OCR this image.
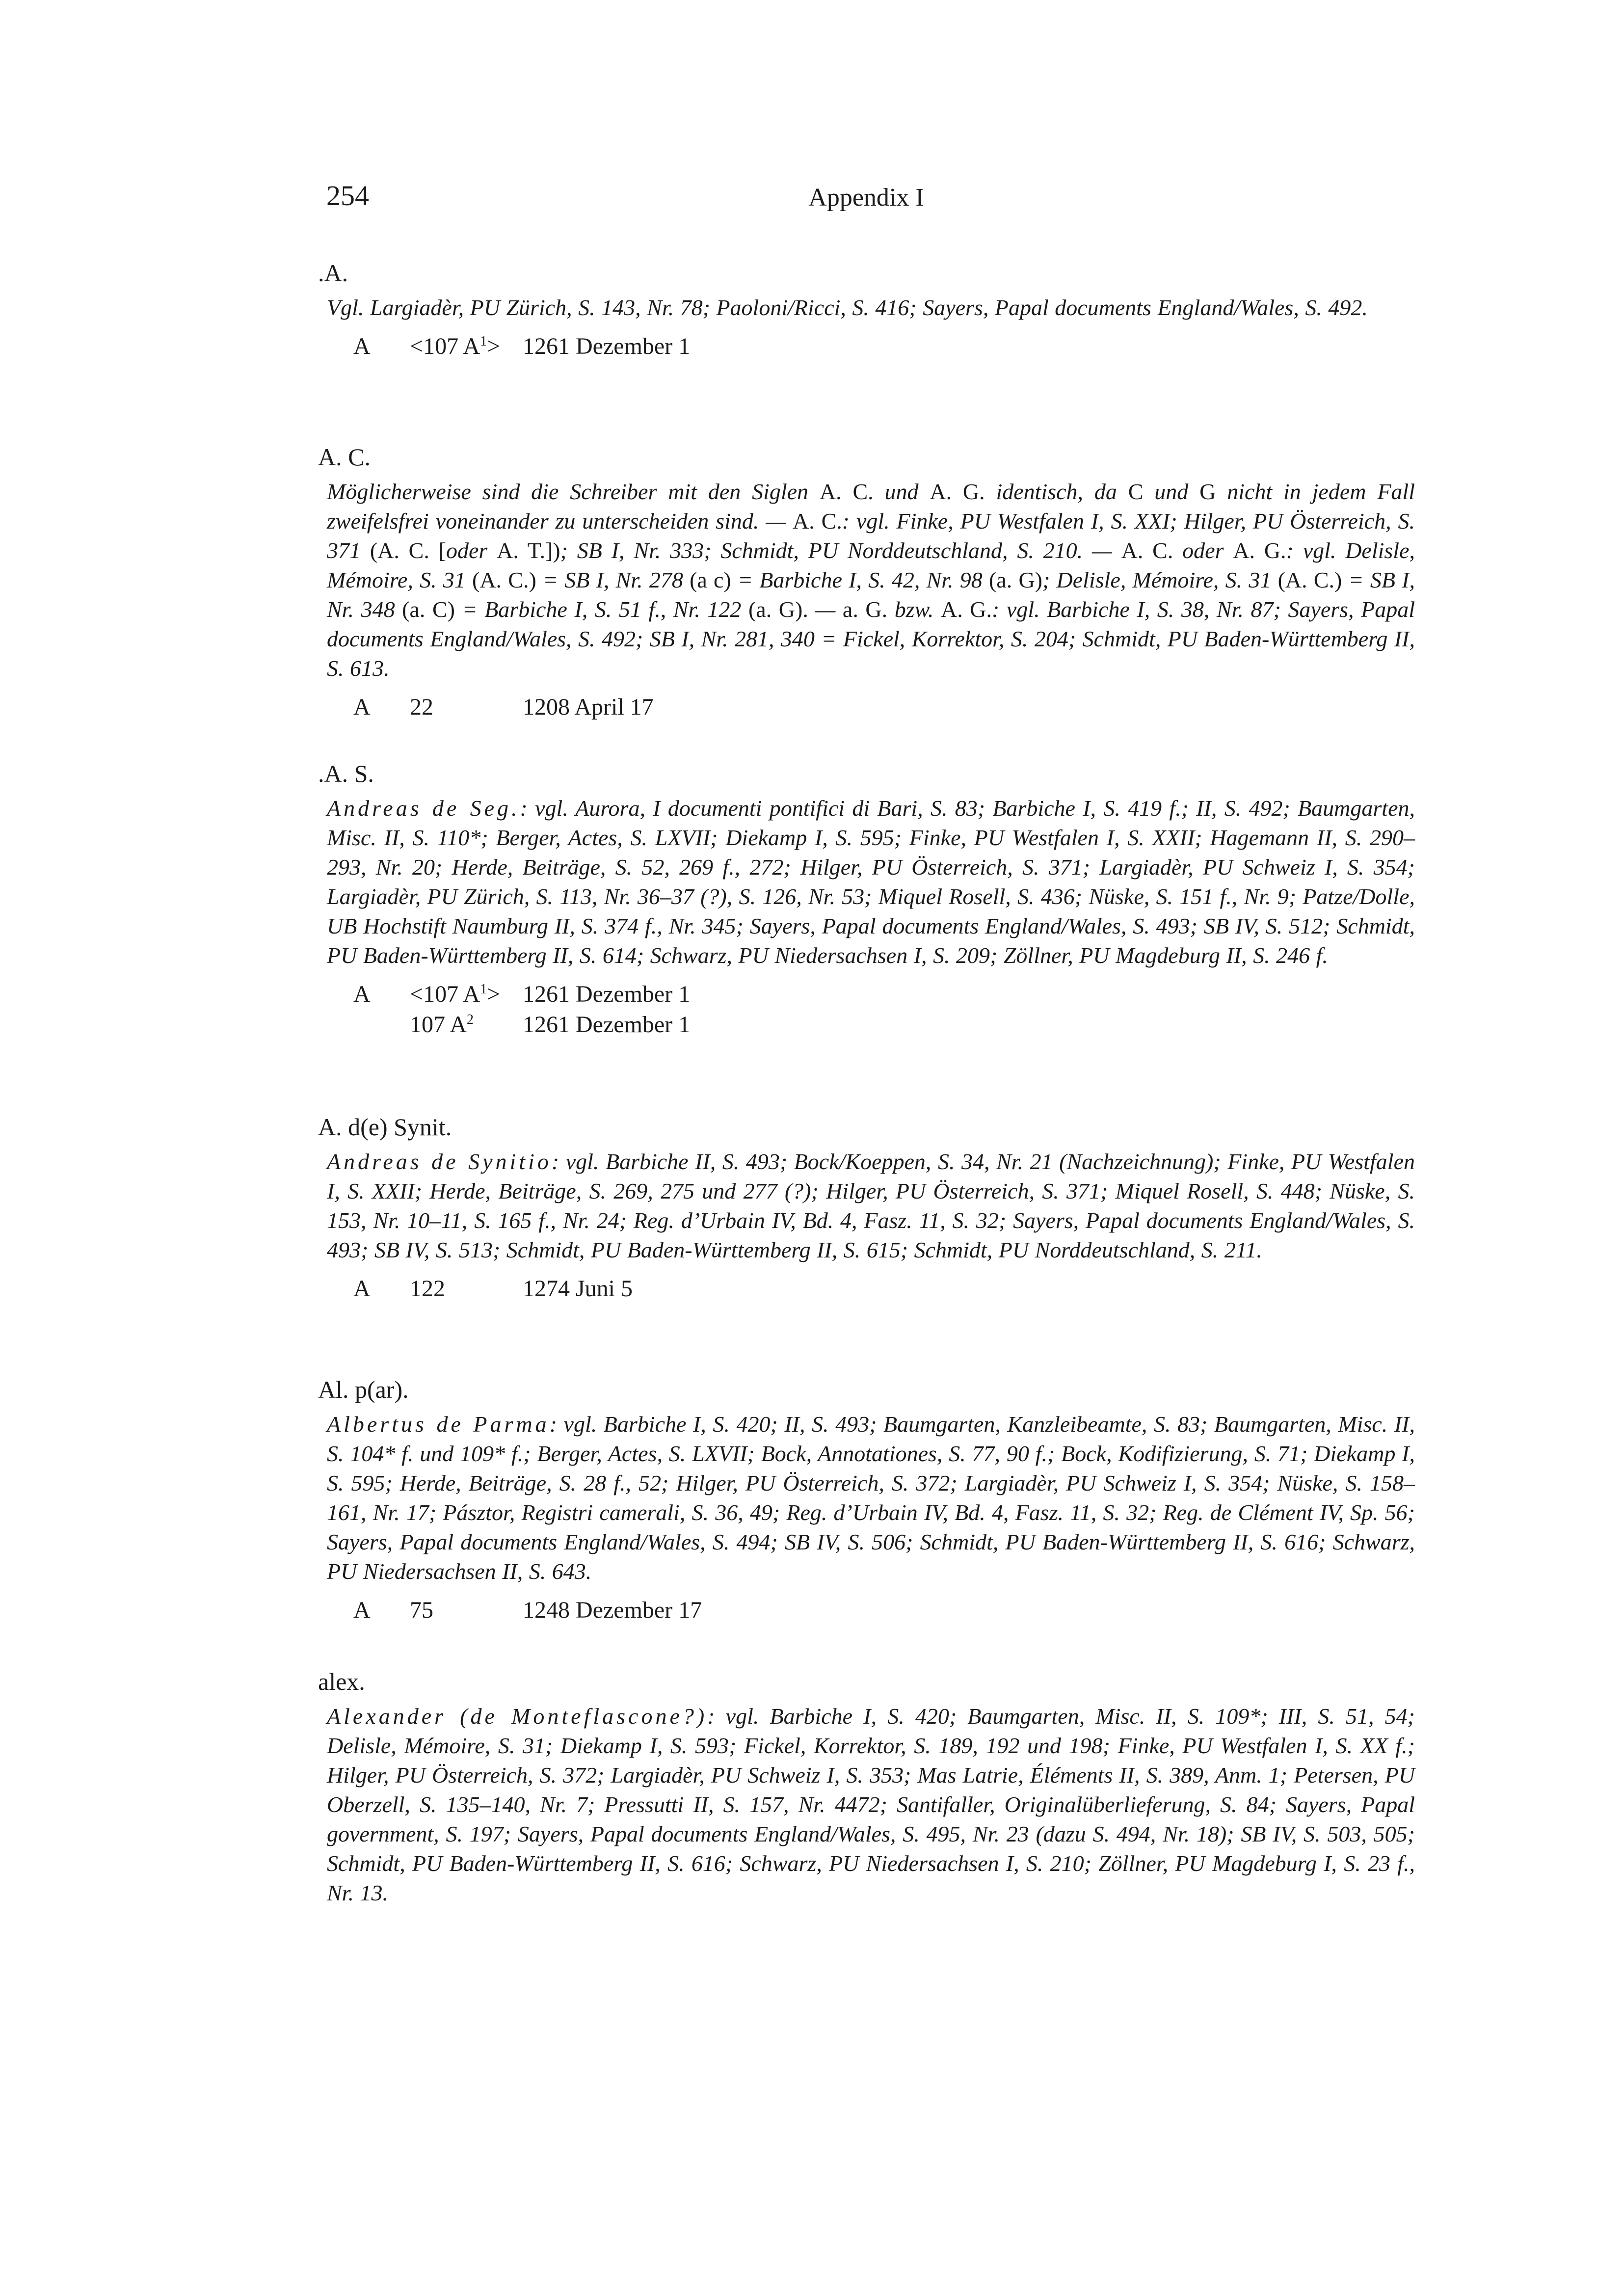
254	Appendix I

.A.

Vgl. Largiadèr, PU Zürich, S. 143, Nr. 78; Paoloni/Ricci, S. 416; Sayers, Papal documents England/Wales, S. 492.

A	<107 $A^1>$	1261 Dezember 1

A. C.

Möglicherweise sind die Schreiber mit den Siglen A. C. und A. G. identisch, da C und G nicht in jedem Fall zweifelsfrei voneinander zu unterscheiden sind. — A. C.: vgl. Finke, PU Westfalen I, S. XXI; Hilger, PU Österreich, S. 371 (A. C. [oder A. T.]); SB I, Nr. 333; Schmidt, PU Norddeutschland, S. 210. — A. C. oder A. G.: vgl. Delisle, Mémoire, S. 31 (A. C.) = SB I, Nr. 278 (a c) = Barbiche I, S. 42, Nr. 98 (a. G); Delisle, Mémoire, S. 31 (A. C.) = SB I, Nr. 348 (a. C) = Barbiche I, S. 51 f., Nr. 122 (a. G). — a. G. bzw. A. G.: vgl. Barbiche I, S. 38, Nr. 87; Sayers, Papal documents England/Wales, S. 492; SB I, Nr. 281, 340 = Fickel, Korrektor, S. 204; Schmidt, PU Baden-Württemberg II, S. 613.

A	22	1208 April 17

.A. S.

Andreas de Seg.: vgl. Aurora, I documenti pontifici di Bari, S. 83; Barbiche I, S. 419 f.; II, S. 492; Baumgarten, Misc. II, S. 110*; Berger, Actes, S. LXVII; Diekamp I, S. 595; Finke, PU Westfalen I, S. XXII; Hagemann II, S. 290–293, Nr. 20; Herde, Beiträge, S. 52, 269 f., 272; Hilger, PU Österreich, S. 371; Largiadèr, PU Schweiz I, S. 354; Largiadèr, PU Zürich, S. 113, Nr. 36–37 (?), S. 126, Nr. 53; Miquel Rosell, S. 436; Nüske, S. 151 f., Nr. 9; Patze/Dolle, UB Hochstift Naumburg II, S. 374 f., Nr. 345; Sayers, Papal documents England/Wales, S. 493; SB IV, S. 512; Schmidt, PU Baden-Württemberg II, S. 614; Schwarz, PU Niedersachsen I, S. 209; Zöllner, PU Magdeburg II, S. 246 f.

A	<107 $A^1>$	1261 Dezember 1
	107 $A^2$	1261 Dezember 1

A. d(e) Synit.

Andreas de Synitio: vgl. Barbiche II, S. 493; Bock/Koeppen, S. 34, Nr. 21 (Nachzeichnung); Finke, PU Westfalen I, S. XXII; Herde, Beiträge, S. 269, 275 und 277 (?); Hilger, PU Österreich, S. 371; Miquel Rosell, S. 448; Nüske, S. 153, Nr. 10–11, S. 165 f., Nr. 24; Reg. d’Urbain IV, Bd. 4, Fasz. 11, S. 32; Sayers, Papal documents England/Wales, S. 493; SB IV, S. 513; Schmidt, PU Baden-Württemberg II, S. 615; Schmidt, PU Norddeutschland, S. 211.

A	122	1274 Juni 5

Al. p(ar).

Albertus de Parma: vgl. Barbiche I, S. 420; II, S. 493; Baumgarten, Kanzleibeamte, S. 83; Baumgarten, Misc. II, S. 104* f. und 109* f.; Berger, Actes, S. LXVII; Bock, Annotationes, S. 77, 90 f.; Bock, Kodifizierung, S. 71; Diekamp I, S. 595; Herde, Beiträge, S. 28 f., 52; Hilger, PU Österreich, S. 372; Largiadèr, PU Schweiz I, S. 354; Nüske, S. 158–161, Nr. 17; Pásztor, Registri camerali, S. 36, 49; Reg. d’Urbain IV, Bd. 4, Fasz. 11, S. 32; Reg. de Clément IV, Sp. 56; Sayers, Papal documents England/Wales, S. 494; SB IV, S. 506; Schmidt, PU Baden-Württemberg II, S. 616; Schwarz, PU Niedersachsen II, S. 643.

A	75	1248 Dezember 17

alex.

Alexander (de Monteflascone?): vgl. Barbiche I, S. 420; Baumgarten, Misc. II, S. 109*; III, S. 51, 54; Delisle, Mémoire, S. 31; Diekamp I, S. 593; Fickel, Korrektor, S. 189, 192 und 198; Finke, PU Westfalen I, S. XX f.; Hilger, PU Österreich, S. 372; Largiadèr, PU Schweiz I, S. 353; Mas Latrie, Éléments II, S. 389, Anm. 1; Petersen, PU Oberzell, S. 135–140, Nr. 7; Pressutti II, S. 157, Nr. 4472; Santifaller, Originalüberlieferung, S. 84; Sayers, Papal government, S. 197; Sayers, Papal documents England/Wales, S. 495, Nr. 23 (dazu S. 494, Nr. 18); SB IV, S. 503, 505; Schmidt, PU Baden-Württemberg II, S. 616; Schwarz, PU Niedersachsen I, S. 210; Zöllner, PU Magdeburg I, S. 23 f., Nr. 13.
